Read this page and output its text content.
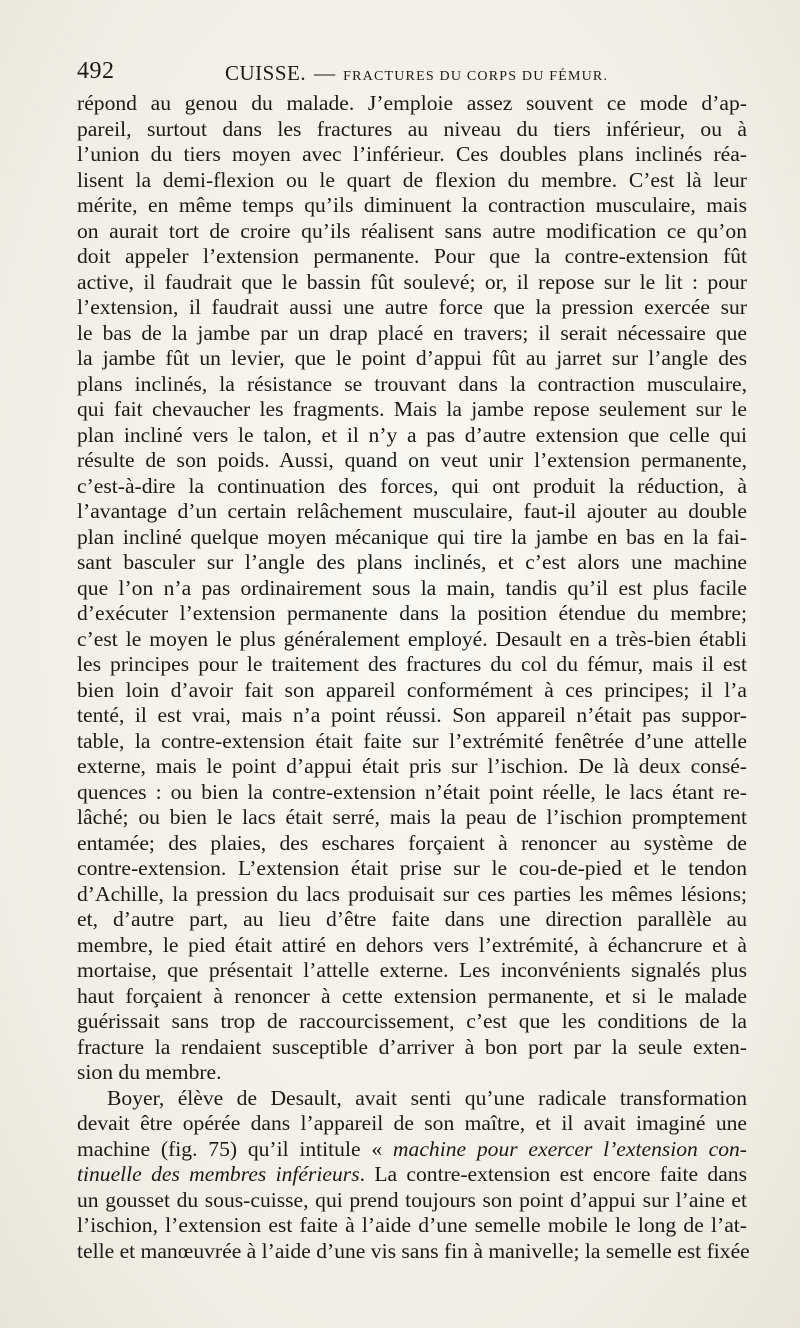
492	CUISSE. — FRACTURES DU CORPS DU FÉMUR.
répond au genou du malade. J’emploie assez souvent ce mode d’ap-
pareil, surtout dans les fractures au niveau du tiers inférieur, ou à
l’union du tiers moyen avec l’inférieur. Ces doubles plans inclinés réa-
lisent la demi-flexion ou le quart de flexion du membre. C’est là leur
mérite, en même temps qu’ils diminuent la contraction musculaire, mais
on aurait tort de croire qu’ils réalisent sans autre modification ce qu’on
doit appeler l’extension permanente. Pour que la contre-extension fût
active, il faudrait que le bassin fût soulevé; or, il repose sur le lit : pour
l’extension, il faudrait aussi une autre force que la pression exercée sur
le bas de la jambe par un drap placé en travers; il serait nécessaire que
la jambe fût un levier, que le point d’appui fût au jarret sur l’angle des
plans inclinés, la résistance se trouvant dans la contraction musculaire,
qui fait chevaucher les fragments. Mais la jambe repose seulement sur le
plan incliné vers le talon, et il n’y a pas d’autre extension que celle qui
résulte de son poids. Aussi, quand on veut unir l’extension permanente,
c’est-à-dire la continuation des forces, qui ont produit la réduction, à
l’avantage d’un certain relâchement musculaire, faut-il ajouter au double
plan incliné quelque moyen mécanique qui tire la jambe en bas en la fai-
sant basculer sur l’angle des plans inclinés, et c’est alors une machine
que l’on n’a pas ordinairement sous la main, tandis qu’il est plus facile
d’exécuter l’extension permanente dans la position étendue du membre;
c’est le moyen le plus généralement employé. Desault en a très-bien établi
les principes pour le traitement des fractures du col du fémur, mais il est
bien loin d’avoir fait son appareil conformément à ces principes; il l’a
tenté, il est vrai, mais n’a point réussi. Son appareil n’était pas suppor-
table, la contre-extension était faite sur l’extrémité fenêtrée d’une attelle
externe, mais le point d’appui était pris sur l’ischion. De là deux consé-
quences : ou bien la contre-extension n’était point réelle, le lacs étant re-
lâché; ou bien le lacs était serré, mais la peau de l’ischion promptement
entamée; des plaies, des eschares forçaient à renoncer au système de
contre-extension. L’extension était prise sur le cou-de-pied et le tendon
d’Achille, la pression du lacs produisait sur ces parties les mêmes lésions;
et, d’autre part, au lieu d’être faite dans une direction parallèle au
membre, le pied était attiré en dehors vers l’extrémité, à échancrure et à
mortaise, que présentait l’attelle externe. Les inconvénients signalés plus
haut forçaient à renoncer à cette extension permanente, et si le malade
guérissait sans trop de raccourcissement, c’est que les conditions de la
fracture la rendaient susceptible d’arriver à bon port par la seule exten-
sion du membre.
Boyer, élève de Desault, avait senti qu’une radicale transformation
devait être opérée dans l’appareil de son maître, et il avait imaginé une
machine (fig. 75) qu’il intitule « machine pour exercer l’extension con-
tinuelle des membres inférieurs. La contre-extension est encore faite dans
un gousset du sous-cuisse, qui prend toujours son point d’appui sur l’aine et
l’ischion, l’extension est faite à l’aide d’une semelle mobile le long de l’at-
telle et manœuvrée à l’aide d’une vis sans fin à manivelle; la semelle est fixée
